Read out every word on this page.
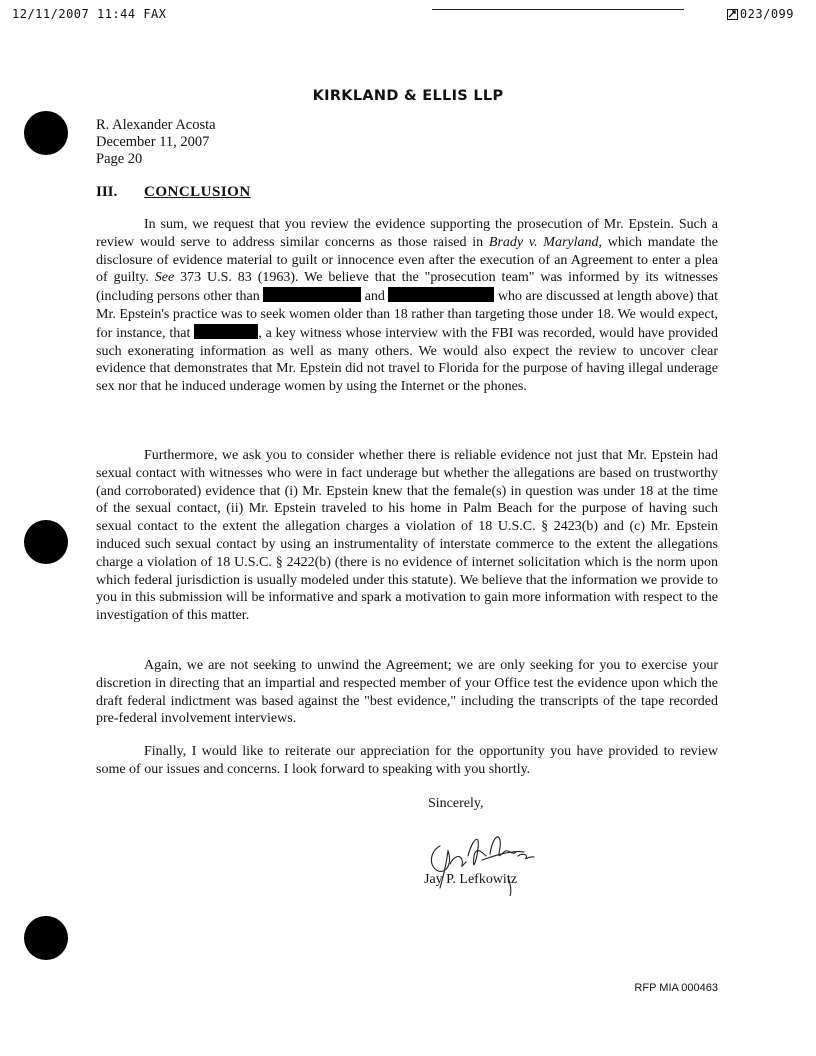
12/11/2007 11:44 FAX	023/099
KIRKLAND & ELLIS LLP
R. Alexander Acosta
December 11, 2007
Page 20
III. CONCLUSION

In sum, we request that you review the evidence supporting the prosecution of Mr. Epstein. Such a review would serve to address similar concerns as those raised in Brady v. Maryland, which mandate the disclosure of evidence material to guilt or innocence even after the execution of an Agreement to enter a plea of guilty. See 373 U.S. 83 (1963). We believe that the "prosecution team" was informed by its witnesses (including persons other than	and	who are discussed at length above) that Mr. Epstein's practice was to seek women older than 18 rather than targeting those under 18. We would expect, for instance, that	, a key witness whose interview with the FBI was recorded, would have provided such exonerating information as well as many others. We would also expect the review to uncover clear evidence that demonstrates that Mr. Epstein did not travel to Florida for the purpose of having illegal underage sex nor that he induced underage women by using the Internet or the phones.

Furthermore, we ask you to consider whether there is reliable evidence not just that Mr. Epstein had sexual contact with witnesses who were in fact underage but whether the allegations are based on trustworthy (and corroborated) evidence that (i) Mr. Epstein knew that the female(s) in question was under 18 at the time of the sexual contact, (ii) Mr. Epstein traveled to his home in Palm Beach for the purpose of having such sexual contact to the extent the allegation charges a violation of 18 U.S.C. § 2423(b) and (c) Mr. Epstein induced such sexual contact by using an instrumentality of interstate commerce to the extent the allegations charge a violation of 18 U.S.C. § 2422(b) (there is no evidence of internet solicitation which is the norm upon which federal jurisdiction is usually modeled under this statute). We believe that the information we provide to you in this submission will be informative and spark a motivation to gain more information with respect to the investigation of this matter.

Again, we are not seeking to unwind the Agreement; we are only seeking for you to exercise your discretion in directing that an impartial and respected member of your Office test the evidence upon which the draft federal indictment was based against the "best evidence," including the transcripts of the tape recorded pre-federal involvement interviews.

Finally, I would like to reiterate our appreciation for the opportunity you have provided to review some of our issues and concerns. I look forward to speaking with you shortly.

Sincerely,
Jay P. Lefkowitz
RFP MIA 000463
